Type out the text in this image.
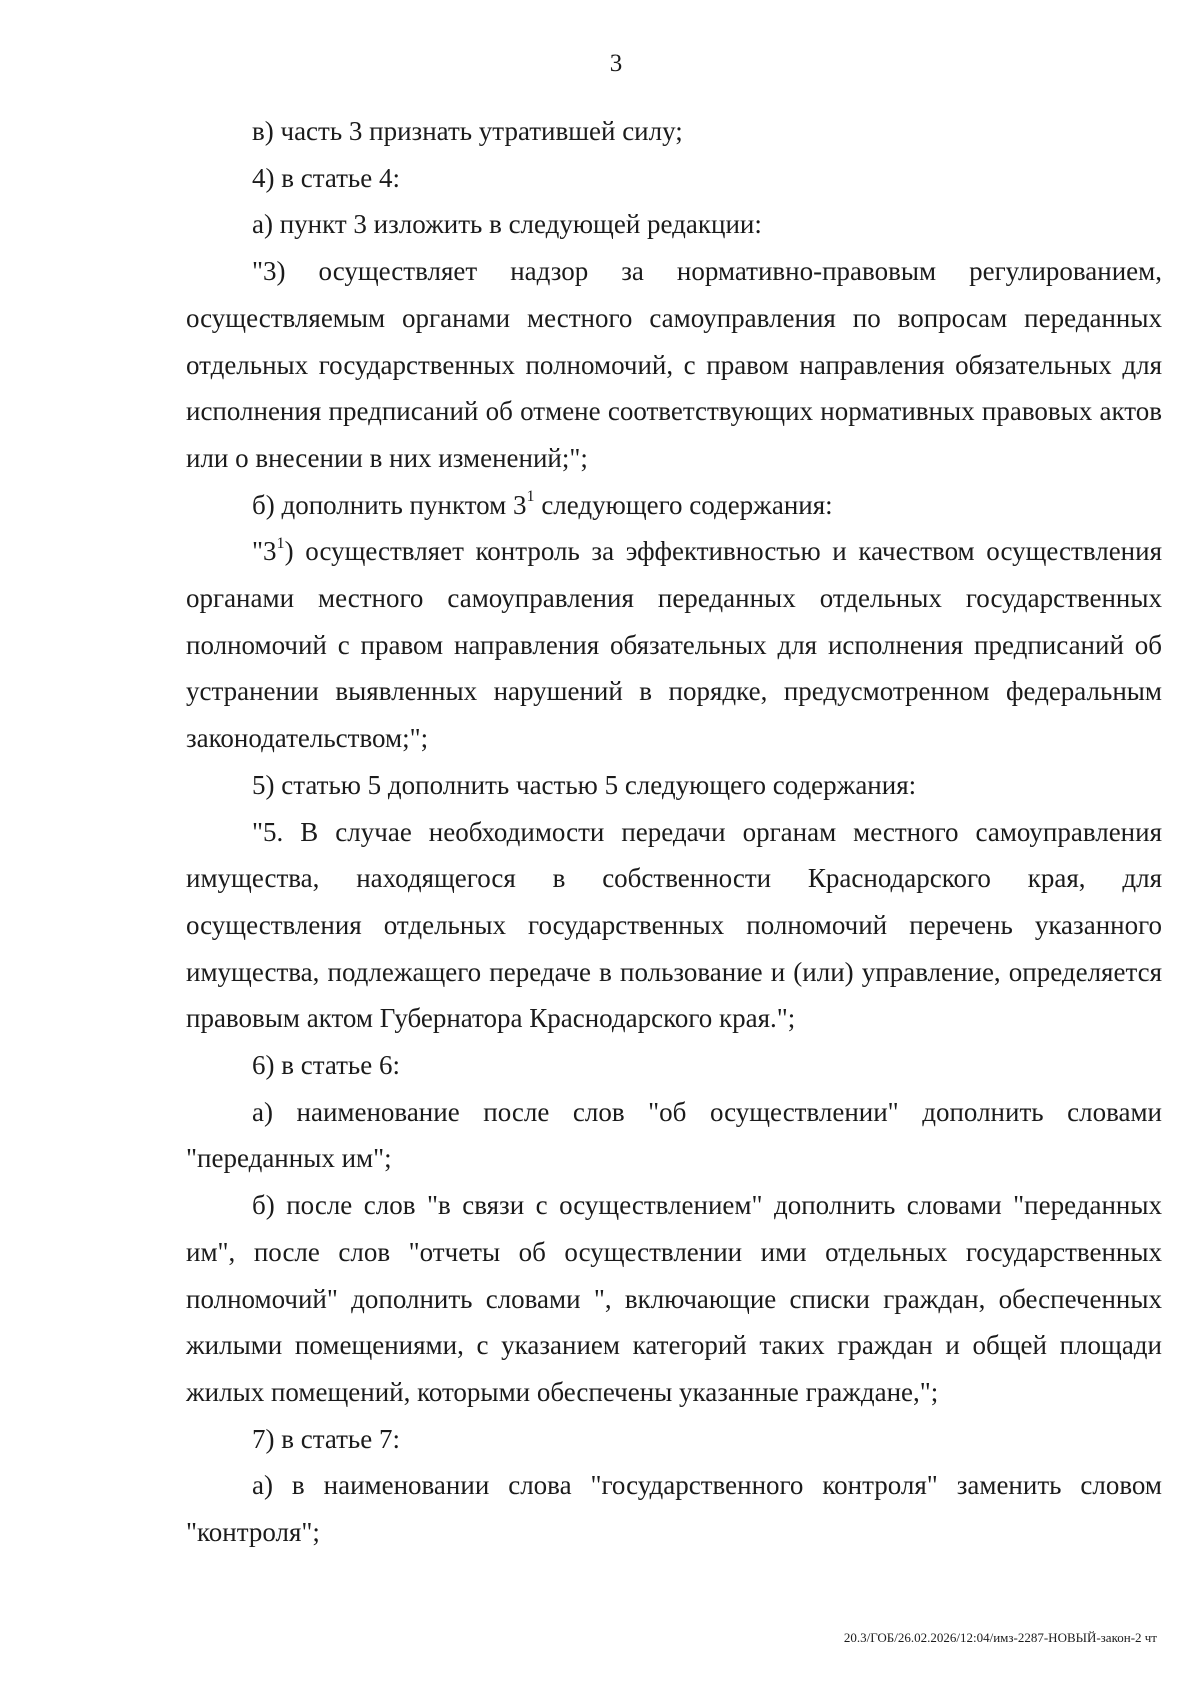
3

в) часть 3 признать утратившей силу;

4) в статье 4:

а) пункт 3 изложить в следующей редакции:

"3) осуществляет надзор за нормативно-правовым регулированием, осуществляемым органами местного самоуправления по вопросам переданных отдельных государственных полномочий, с правом направления обязательных для исполнения предписаний об отмене соответствующих нормативных правовых актов или о внесении в них изменений;";

б) дополнить пунктом $3^1$ следующего содержания:

"$3^1$) осуществляет контроль за эффективностью и качеством осуществления органами местного самоуправления переданных отдельных государственных полномочий с правом направления обязательных для исполнения предписаний об устранении выявленных нарушений в порядке, предусмотренном федеральным законодательством;";

5) статью 5 дополнить частью 5 следующего содержания:

"5. В случае необходимости передачи органам местного самоуправления имущества, находящегося в собственности Краснодарского края, для осуществления отдельных государственных полномочий перечень указанного имущества, подлежащего передаче в пользование и (или) управление, определяется правовым актом Губернатора Краснодарского края.";

6) в статье 6:

а) наименование после слов "об осуществлении" дополнить словами "переданных им";

б) после слов "в связи с осуществлением" дополнить словами "переданных им", после слов "отчеты об осуществлении ими отдельных государственных полномочий" дополнить словами ", включающие списки граждан, обеспеченных жилыми помещениями, с указанием категорий таких граждан и общей площади жилых помещений, которыми обеспечены указанные граждане,";

7) в статье 7:

а) в наименовании слова "государственного контроля" заменить словом "контроля";

20.3/ГОБ/26.02.2026/12:04/имз-2287-НОВЫЙ-закон-2 чт
